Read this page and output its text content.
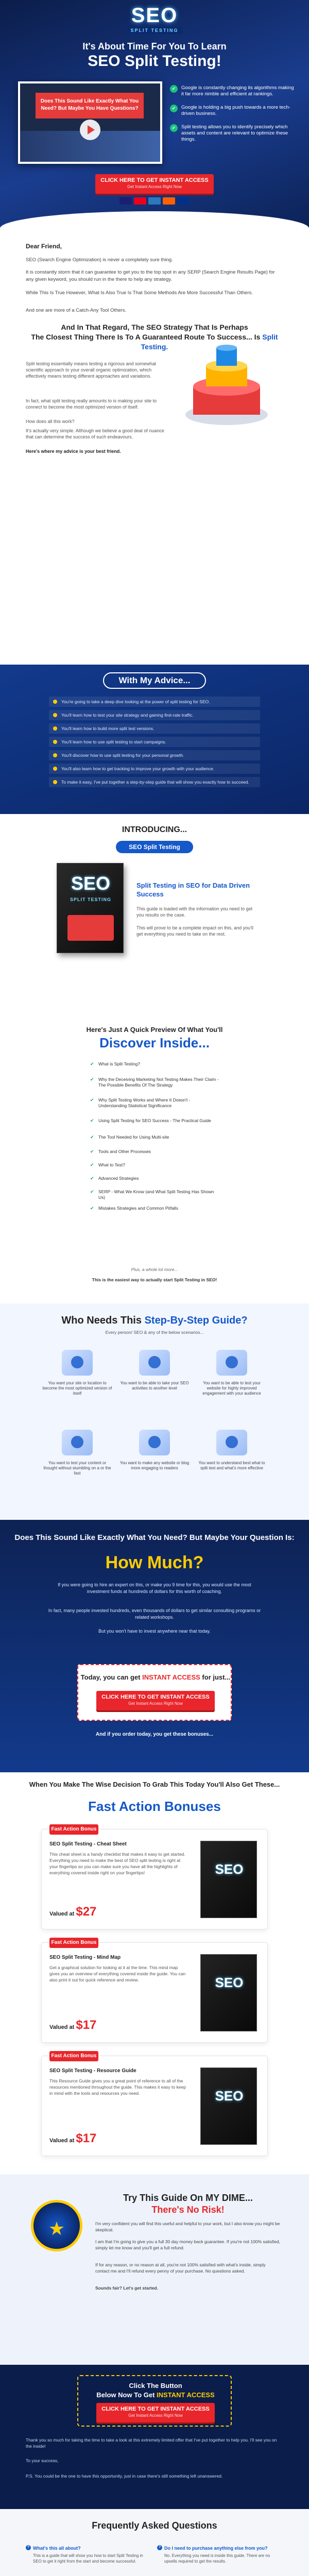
SEO
SPLIT TESTING
It's About Time For You To Learn
SEO Split Testing!
Does This Sound Like Exactly What You Need? But Maybe You Have Questions?
✔ Google is constantly changing its algorithms making it far more nimble and efficient at rankings.
✔ Google is holding a big push towards a more tech-driven business.
✔ Split testing allows you to identify precisely which assets and content are relevant to optimize these things.
CLICK HERE TO GET INSTANT ACCESS
Get Instant Access Right Now
Dear Friend,
SEO (Search Engine Optimization) is never a completely sure thing.
It is constantly storm that it can guarantee to get you to the top spot in any SERP (Search Engine Results Page) for any given keyword, you should run in the there to help any strategy.
While This Is True However, What Is Also True Is That Some Methods Are More Successful Than Others.
And one are more of a Catch-Any Tool Others.
And In That Regard, The SEO Strategy That Is Perhaps
The Closest Thing There Is To A Guaranteed Route To Success... Is Split Testing.
Split testing essentially means testing a rigorous and somewhat scientific approach to your overall organic optimization, which effectively means testing different approaches and variations.
In fact, what split testing really amounts to is making your site to connect to become the most optimized version of itself.
How does all this work?
It's actually very simple. Although we believe a good deal of nuance that can determine the success of such endeavours.
Here's where my advice is your best friend.
With My Advice...
You're going to take a deep dive looking at the power of split testing for SEO.
You'll learn how to test your site strategy and gaining first-rate traffic.
You'll learn how to build more split test versions.
You'll learn how to use split testing to start campaigns.
You'll discover how to use split testing for your personal growth.
You'll also learn how to get tracking to improve your growth with your audience.
To make it easy, I've put together a step-by-step guide that will show you exactly how to succeed.
INTRODUCING...
SEO Split Testing
SEO
SPLIT TESTING
Split Testing in SEO for Data Driven Success
This guide is loaded with the information you need to get you results on the case.
This will prove to be a complete impact on this, and you'll get everything you need to take on the rest.
Here's Just A Quick Preview Of What You'll
Discover Inside...
✔ What is Split Testing?
✔ Why the Deceiving Marketing Not Testing Makes Their Claim - The Possible Benefits Of The Strategy
✔ Why Split Testing Works and Where It Doesn't - Understanding Statistical Significance
✔ Using Split Testing for SEO Success - The Practical Guide
✔ The Tool Needed for Using Multi-site
✔ Tools and Other Processes
✔ What to Test?
✔ Advanced Strategies
✔ SERP - What We Know (and What Split Testing Has Shown Us)
✔ Mistakes Strategies and Common Pitfalls
Plus, a whole lot more...
This is the easiest way to actually start Split Testing in SEO!
Who Needs This Step-By-Step Guide?
Every person/ SEO & any of the below scenarios...
You want your site or location to become the most optimized version of itself
You want to be able to take your SEO activities to another level
You want to be able to test your website for highly improved engagement with your audience
You want to test your content or thought without stumbling on a or the fast
You want to make any website or blog more engaging to readers
You want to understand best what to split test and what's more effective
Does This Sound Like Exactly What You Need? But Maybe Your Question Is:
How Much?
If you were going to hire an expert on this, or make you 9 time for this, you would use the most investment funds at hundreds of dollars for this worth of coaching.
In fact, many people invested hundreds, even thousands of dollars to get similar consulting programs or related workshops.
But you won't have to invest anywhere near that today.
Today, you can get INSTANT ACCESS for just...
CLICK HERE TO GET INSTANT ACCESS
Get Instant Access Right Now
And if you order today, you get these bonuses...
When You Make The Wise Decision To Grab This Today You'll Also Get These...
Fast Action Bonuses
Fast Action Bonus #1
SEO Split Testing - Cheat Sheet
This cheat sheet is a handy checklist that makes it easy to get started. Everything you need to make the best of SEO split testing is right at your fingertips so you can make sure you have all the highlights of everything covered inside right on your fingertips!
Valued at $27
SEO
Fast Action Bonus #2
SEO Split Testing - Mind Map
Get a graphical solution for looking at it at the time. This mind map gives you an overview of everything covered inside the guide. You can also print it out for quick reference and review.
Valued at $17
SEO
Fast Action Bonus #3
SEO Split Testing - Resource Guide
This Resource Guide gives you a great point of reference to all of the resources mentioned throughout the guide. This makes it easy to keep in mind with the tools and resources you need.
Valued at $17
SEO
★
Try This Guide On MY DIME...
There's No Risk!
I'm very confident you will find this useful and helpful to your work, but I also know you might be skeptical.
I am that I'm going to give you a full 30 day money back guarantee. If you're not 100% satisfied, simply let me know and you'll get a full refund.
If for any reason, or no reason at all, you're not 100% satisfied with what's inside, simply contact me and I'll refund every penny of your purchase. No questions asked.
Sounds fair? Let's get started.
Click The Button
Below Now To Get INSTANT ACCESS
CLICK HERE TO GET INSTANT ACCESS
Get Instant Access Right Now
Thank you so much for taking the time to take a look at this extremely limited offer that I've put together to help you. I'll see you on the inside!
To your success,
P.S. You could be the one to have this opportunity, just in case there's still something left unanswered.
Frequently Asked Questions
? What's this all about?
This is a guide that will show you how to start Split Testing in SEO to get it right from the start and become successful.
? Do I need to purchase anything else from you?
No. Everything you need is inside this guide. There are no upsells required to get the results.
